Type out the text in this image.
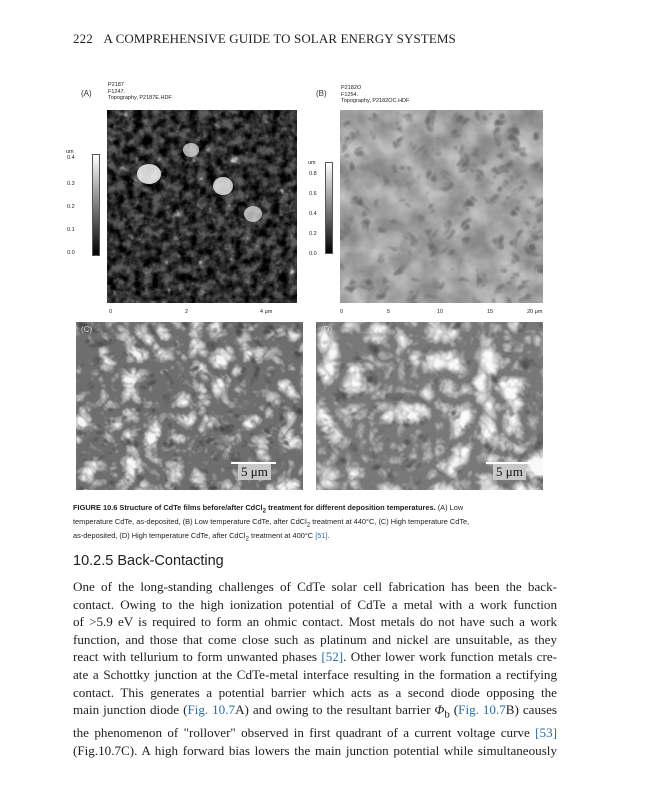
222 A COMPREHENSIVE GUIDE TO SOLAR ENERGY SYSTEMS
(A)
P2187
F1247.
Topography, P2187E.HDF
um
0.4
0.3
0.2
0.1
0.0
0	2	4 μm
(B)
P2182O
F1254.
Topography, P2182OC.HDF
um
0.8
0.6
0.4
0.2
0.0
0	5	10	15	20 μm
(C)
5 μm
(D)
5 μm
FIGURE 10.6 Structure of CdTe films before/after CdCl$_2$ treatment for different deposition temperatures. (A) Low
temperature CdTe, as-deposited, (B) Low temperature CdTe, after CdCl$_2$ treatment at 440°C, (C) High temperature CdTe,
as-deposited, (D) High temperature CdTe, after CdCl$_2$ treatment at 400°C [51].
10.2.5 Back-Contacting
One of the long-standing challenges of CdTe solar cell fabrication has been the back-
contact. Owing to the high ionization potential of CdTe a metal with a work function
of >5.9 eV is required to form an ohmic contact. Most metals do not have such a work
function, and those that come close such as platinum and nickel are unsuitable, as they
react with tellurium to form unwanted phases [52]. Other lower work function metals cre-
ate a Schottky junction at the CdTe-metal interface resulting in the formation a rectifying
contact. This generates a potential barrier which acts as a second diode opposing the
main junction diode (Fig. 10.7A) and owing to the resultant barrier $\Phi_b$ (Fig. 10.7B) causes
the phenomenon of "rollover" observed in first quadrant of a current voltage curve [53]
(Fig.10.7C). A high forward bias lowers the main junction potential while simultaneously
